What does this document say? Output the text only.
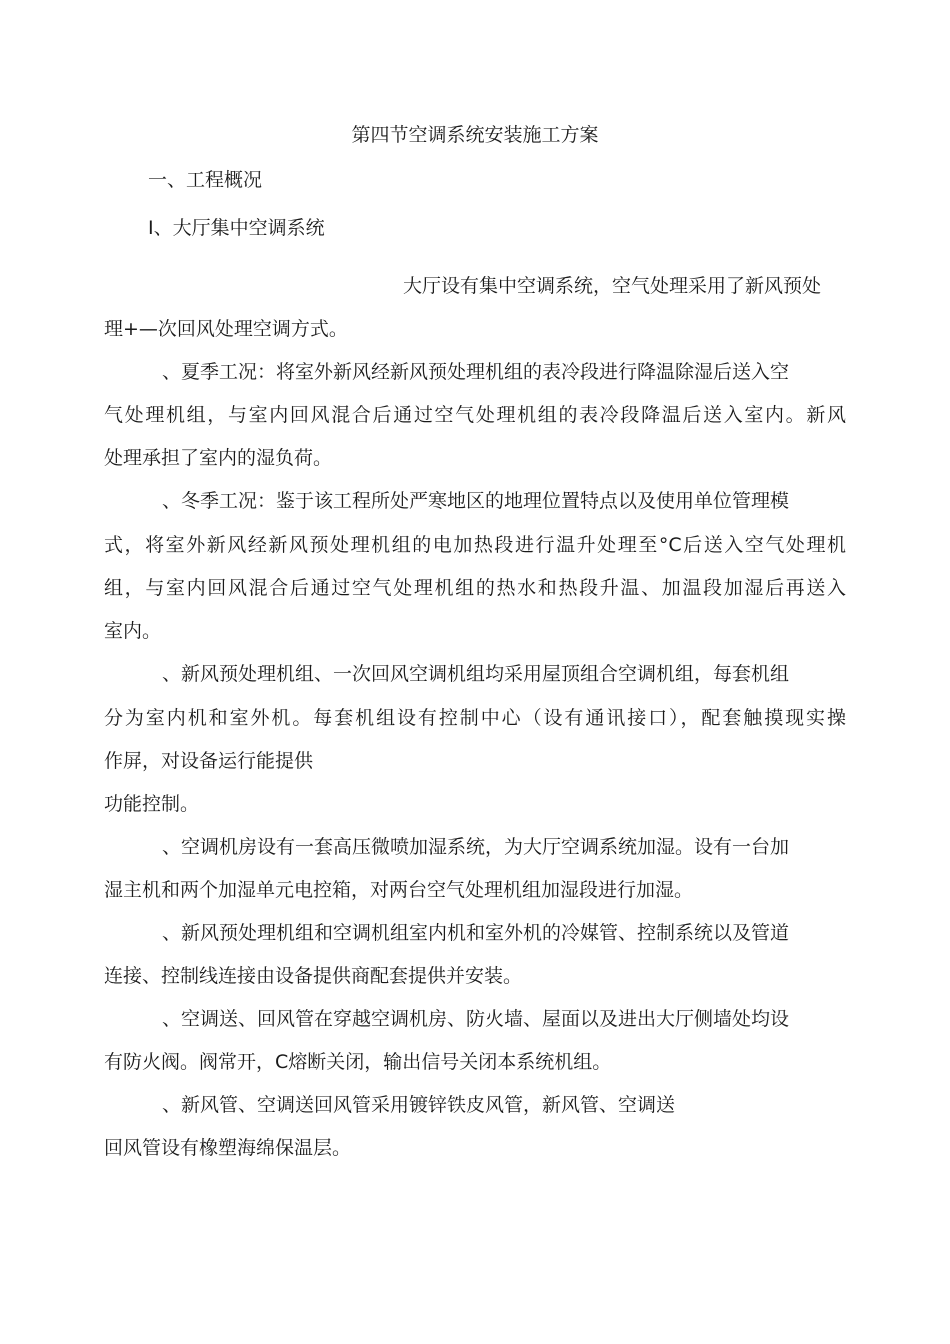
第四节空调系统安装施工方案
一、工程概况
I、大厅集中空调系统
大厅设有集中空调系统，空气处理采用了新风预处
理+—次回风处理空调方式。
、夏季工况：将室外新风经新风预处理机组的表冷段进行降温除湿后送入空
气处理机组，与室内回风混合后通过空气处理机组的表冷段降温后送入室内。新风
处理承担了室内的湿负荷。
、冬季工况：鉴于该工程所处严寒地区的地理位置特点以及使用单位管理模
式，将室外新风经新风预处理机组的电加热段进行温升处理至°C后送入空气处理机
组，与室内回风混合后通过空气处理机组的热水和热段升温、加温段加湿后再送入
室内。
、新风预处理机组、一次回风空调机组均采用屋顶组合空调机组，每套机组
分为室内机和室外机。每套机组设有控制中心（设有通讯接口），配套触摸现实操
作屏，对设备运行能提供
功能控制。
、空调机房设有一套高压微喷加湿系统，为大厅空调系统加湿。设有一台加
湿主机和两个加湿单元电控箱，对两台空气处理机组加湿段进行加湿。
、新风预处理机组和空调机组室内机和室外机的冷媒管、控制系统以及管道
连接、控制线连接由设备提供商配套提供并安装。
、空调送、回风管在穿越空调机房、防火墙、屋面以及进出大厅侧墙处均设
有防火阀。阀常开，C熔断关闭，输出信号关闭本系统机组。
、新风管、空调送回风管采用镀锌铁皮风管，新风管、空调送
回风管设有橡塑海绵保温层。
